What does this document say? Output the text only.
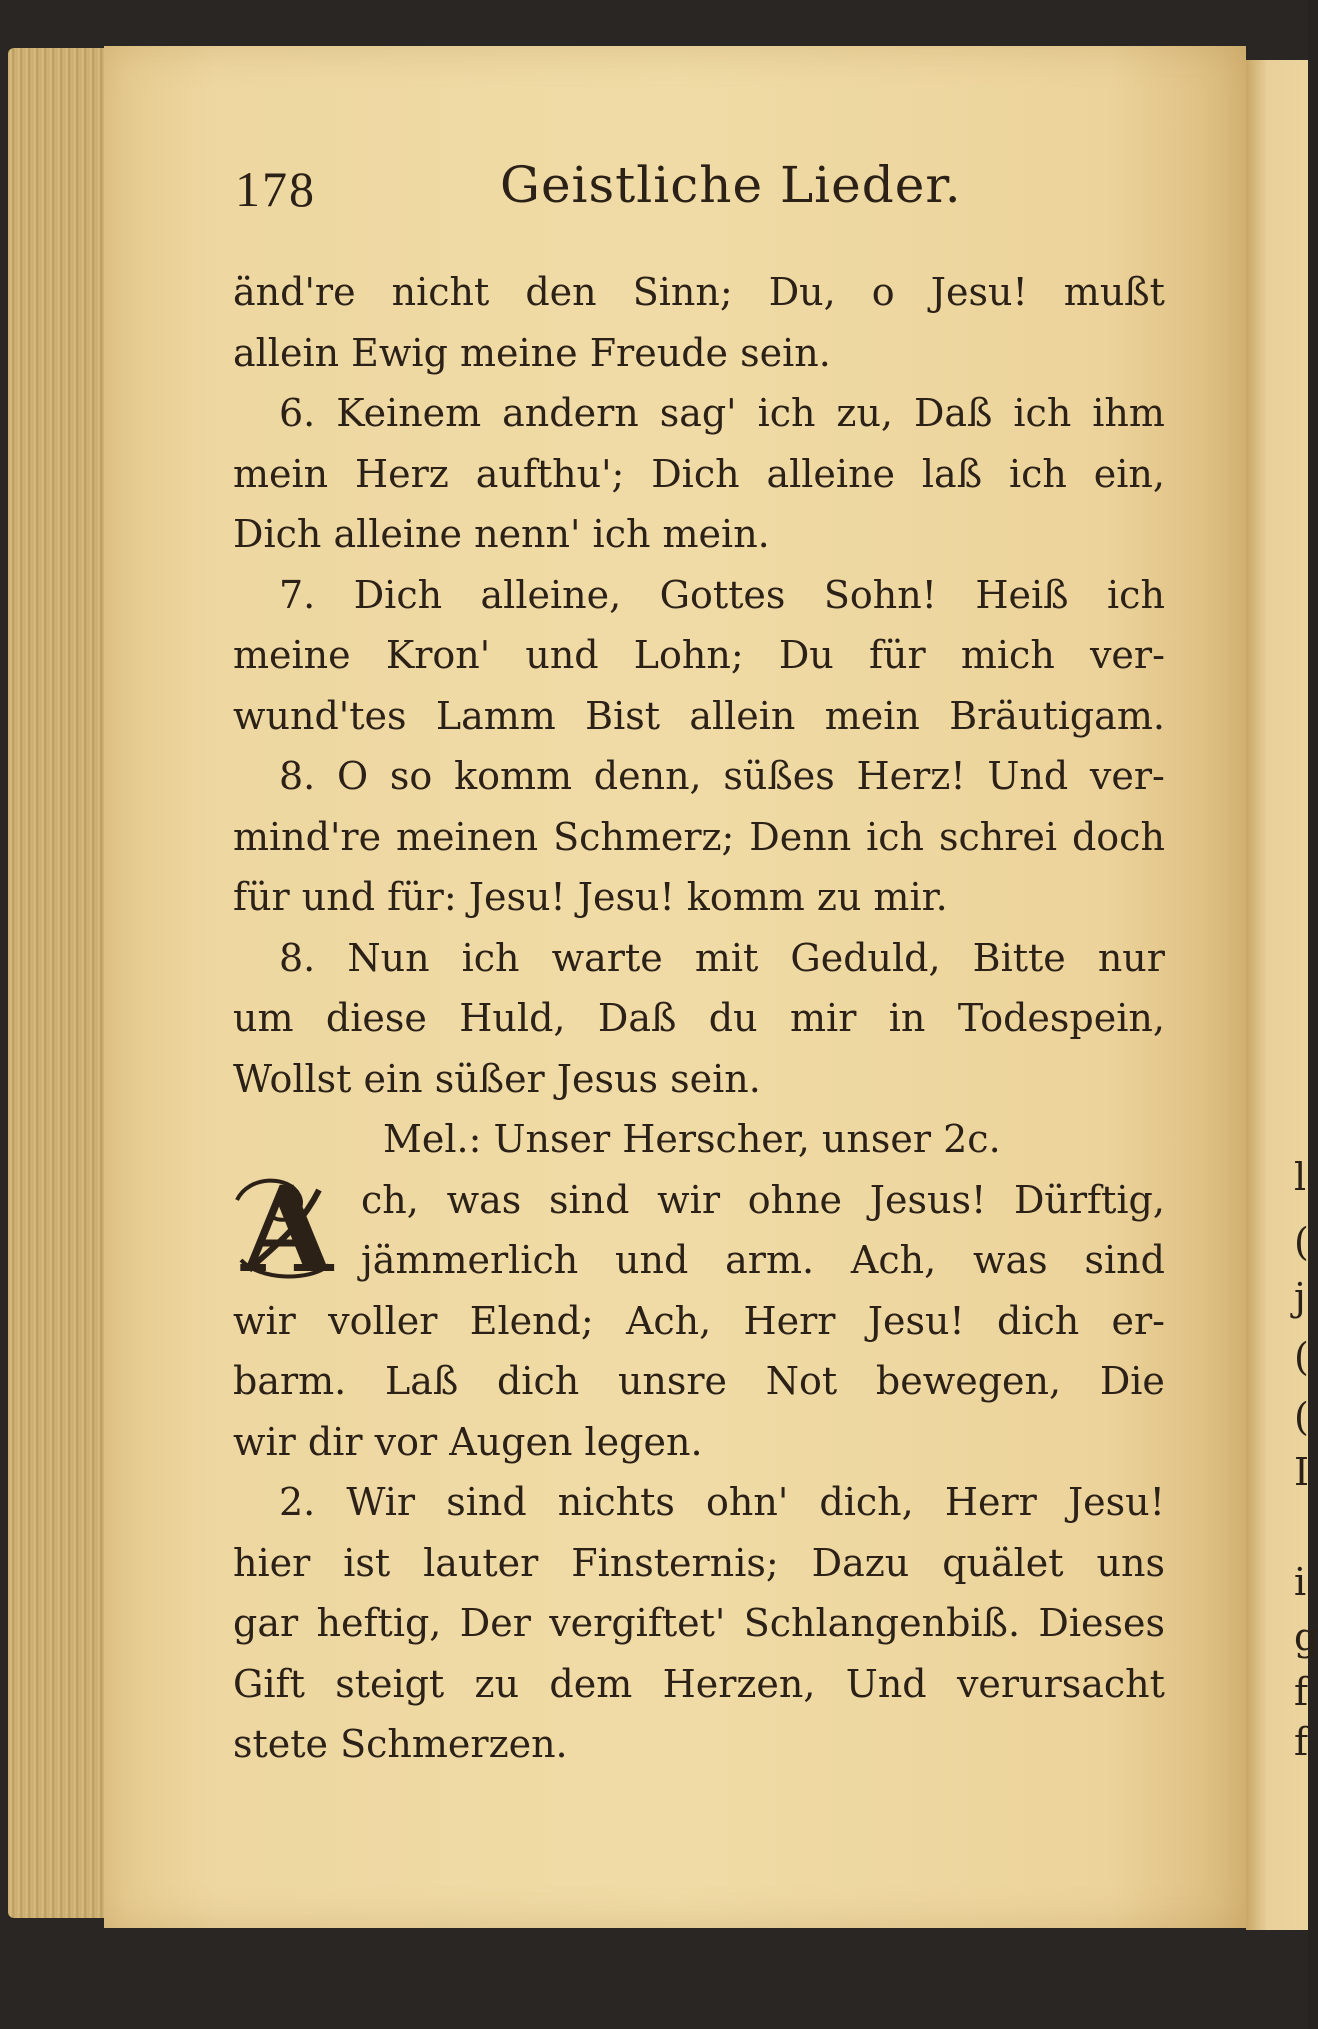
l
(
j
(
(
I
i
g
f
f
178	Geistliche Lieder.
änd're nicht den Sinn; Du, o Jesu! mußt
allein Ewig meine Freude sein.
6. Keinem andern sag' ich zu, Daß ich ihm
mein Herz aufthu'; Dich alleine laß ich ein,
Dich alleine nenn' ich mein.
7. Dich alleine, Gottes Sohn! Heiß ich
meine Kron' und Lohn; Du für mich ver-
wund'tes Lamm Bist allein mein Bräutigam.
8. O so komm denn, süßes Herz! Und ver-
mind're meinen Schmerz; Denn ich schrei doch
für und für: Jesu! Jesu! komm zu mir.
8. Nun ich warte mit Geduld, Bitte nur
um diese Huld, Daß du mir in Todespein,
Wollst ein süßer Jesus sein.
Mel.: Unser Herscher, unser 2c.
A ch, was sind wir ohne Jesus! Dürftig,
jämmerlich und arm. Ach, was sind
wir voller Elend; Ach, Herr Jesu! dich er-
barm. Laß dich unsre Not bewegen, Die
wir dir vor Augen legen.
2. Wir sind nichts ohn' dich, Herr Jesu!
hier ist lauter Finsternis; Dazu quälet uns
gar heftig, Der vergiftet' Schlangenbiß. Dieses
Gift steigt zu dem Herzen, Und verursacht
stete Schmerzen.
